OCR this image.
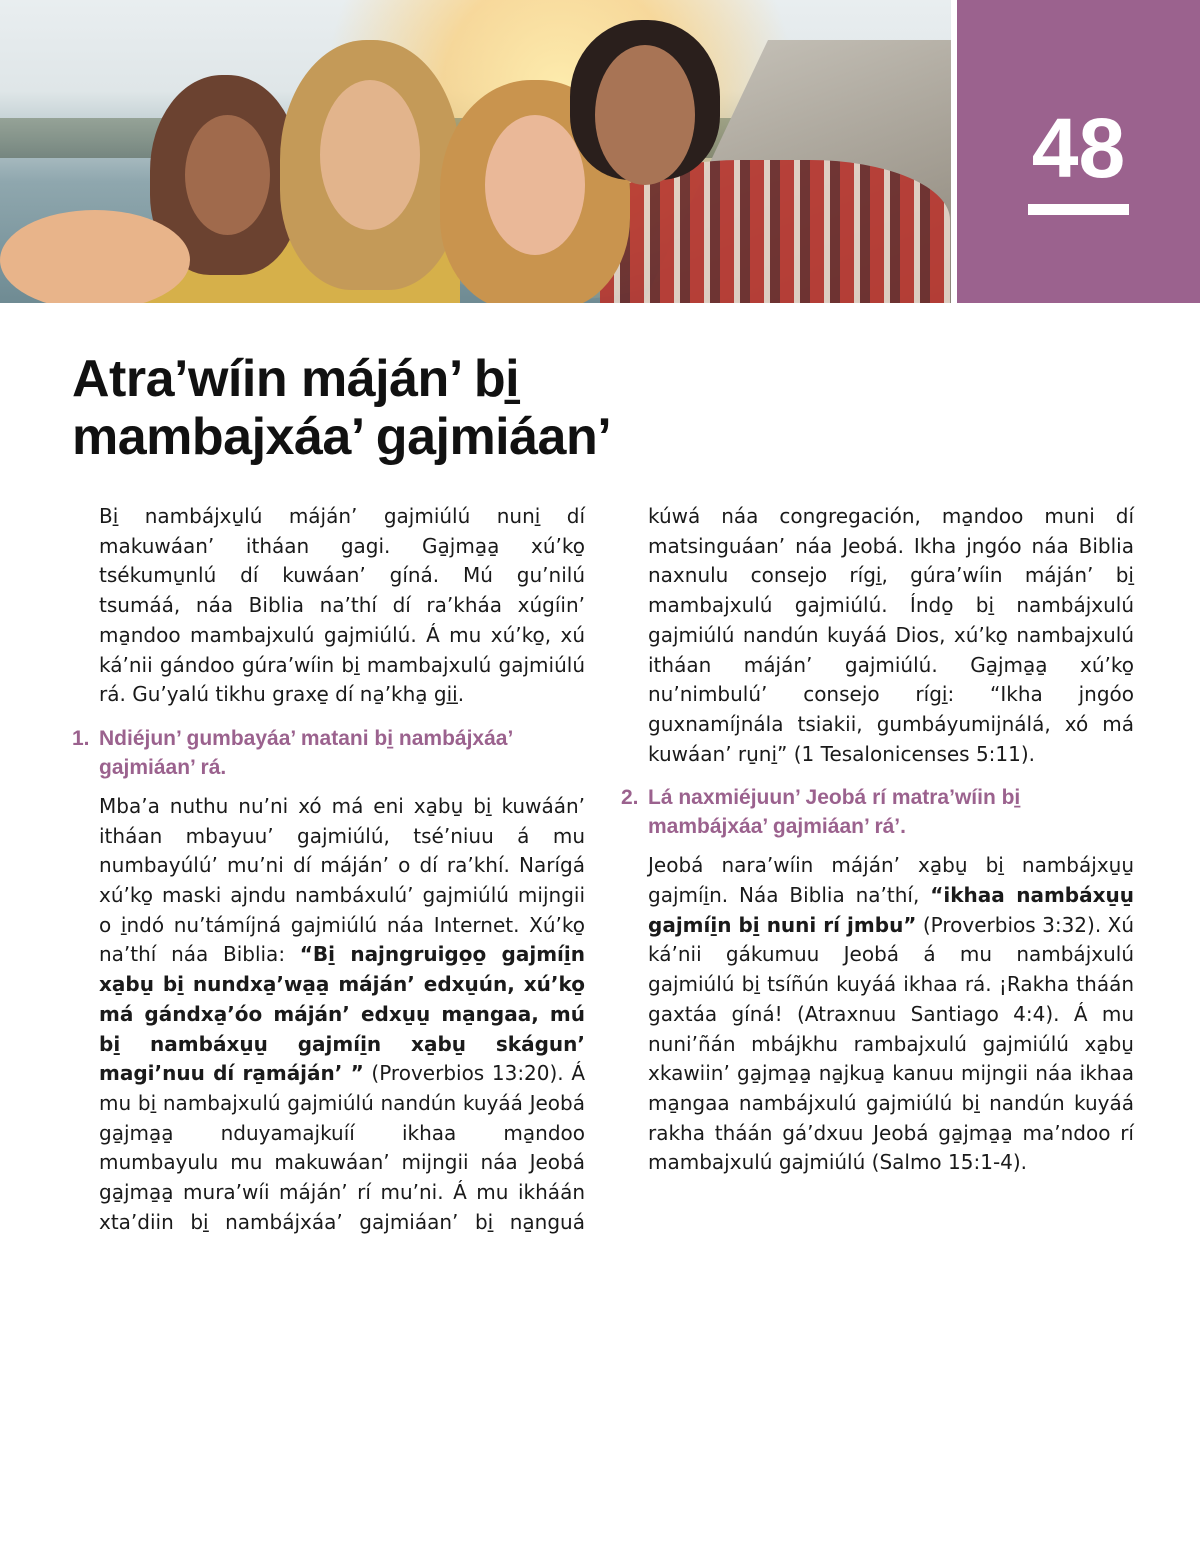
48
Atra’wíin máján’ bi̱
mambajxáa’ gajmiáan’

Bi̱ nambájxu̱lú máján’ gajmiúlú nuni̱ dí makuwáan’ itháan gagi. Ga̱jma̱a̱ xú’ko̱ tsékumu̱nlú dí kuwáan’ gíná. Mú gu’nilú tsumáá, náa Biblia na’thí dí ra’kháa xúgíin’ ma̱ndoo mambajxulú gajmiúlú. Á mu xú’ko̱, xú ká’nii gándoo gúra’wíin bi̱ mambajxulú gajmiúlú rá. Gu’yalú tikhu graxe̱ dí na̱’kha̱ gi̱i̱.

1. Ndiéjun’ gumbayáa’ matani bi̱ nambájxáa’ gajmiáan’ rá.

Mba’a nuthu nu’ni xó má eni xa̱bu̱ bi̱ kuwáán’ itháan mbayuu’ gajmiúlú, tsé’niuu á mu numbayúlú’ mu’ni dí máján’ o dí ra’khí. Narígá xú’ko̱ maski ajndu nambáxulú’ gajmiúlú mijngii o i̱ndó nu’támíjná gajmiúlú náa Internet. Xú’ko̱ na’thí náa Biblia: “Bi̱ najngruigo̱o̱ gajmíi̱n xa̱bu̱ bi̱ nundxa̱’wa̱a̱ máján’ edxu̱ún, xú’ko̱ má gándxa̱’óo máján’ edxu̱u̱ ma̱ngaa, mú bi̱ nambáxu̱u̱ gajmíi̱n xa̱bu̱ skágun’ magi’nuu dí ra̱máján’ ” (Proverbios 13:20). Á mu bi̱ nambajxulú gajmiúlú nandún kuyáá Jeobá ga̱jma̱a̱ nduyamajkuíí ikhaa ma̱ndoo mumbayulu mu makuwáan’ mijngii náa Jeobá ga̱jma̱a̱ mura’wíi máján’ rí mu’ni. Á mu ikháán xta’diin bi̱ nambájxáa’ gajmiáan’ bi̱ na̱nguá kúwá náa congregación, ma̱ndoo muni dí matsinguáan’ náa Jeobá. Ikha jngóo náa Biblia naxnulu consejo rígi̱, gúra’wíin máján’ bi̱ mambajxulú gajmiúlú. Índo̱ bi̱ nambájxulú gajmiúlú nandún kuyáá Dios, xú’ko̱ nambajxulú itháan máján’ gajmiúlú. Ga̱jma̱a̱ xú’ko̱ nu’nimbulú’ consejo rígi̱: “Ikha jngóo guxnamíjnála tsiakii, gumbáyumijnálá, xó má kuwáan’ ru̱ni̱” (1 Tesalonicenses 5:11).

2. Lá naxmiéjuun’ Jeobá rí matra’wíin bi̱ mambájxáa’ gajmiáan’ rá’.

Jeobá nara’wíin máján’ xa̱bu̱ bi̱ nambájxu̱u̱ gajmíi̱n. Náa Biblia na’thí, “ikhaa nambáxu̱u̱ gajmíi̱n bi̱ nuni rí jmbu” (Proverbios 3:32). Xú ká’nii gákumuu Jeobá á mu nambájxulú gajmiúlú bi̱ tsíñún kuyáá ikhaa rá. ¡Rakha tháán gaxtáa gíná! (Atraxnuu Santiago 4:4). Á mu nuni’ñán mbájkhu rambajxulú gajmiúlú xa̱bu̱ xkawiin’ ga̱jma̱a̱ na̱jkua̱ kanuu mijngii náa ikhaa ma̱ngaa nambájxulú gajmiúlú bi̱ nandún kuyáá rakha tháán gá’dxuu Jeobá ga̱jma̱a̱ ma’ndoo rí mambajxulú gajmiúlú (Salmo 15:1-4).
